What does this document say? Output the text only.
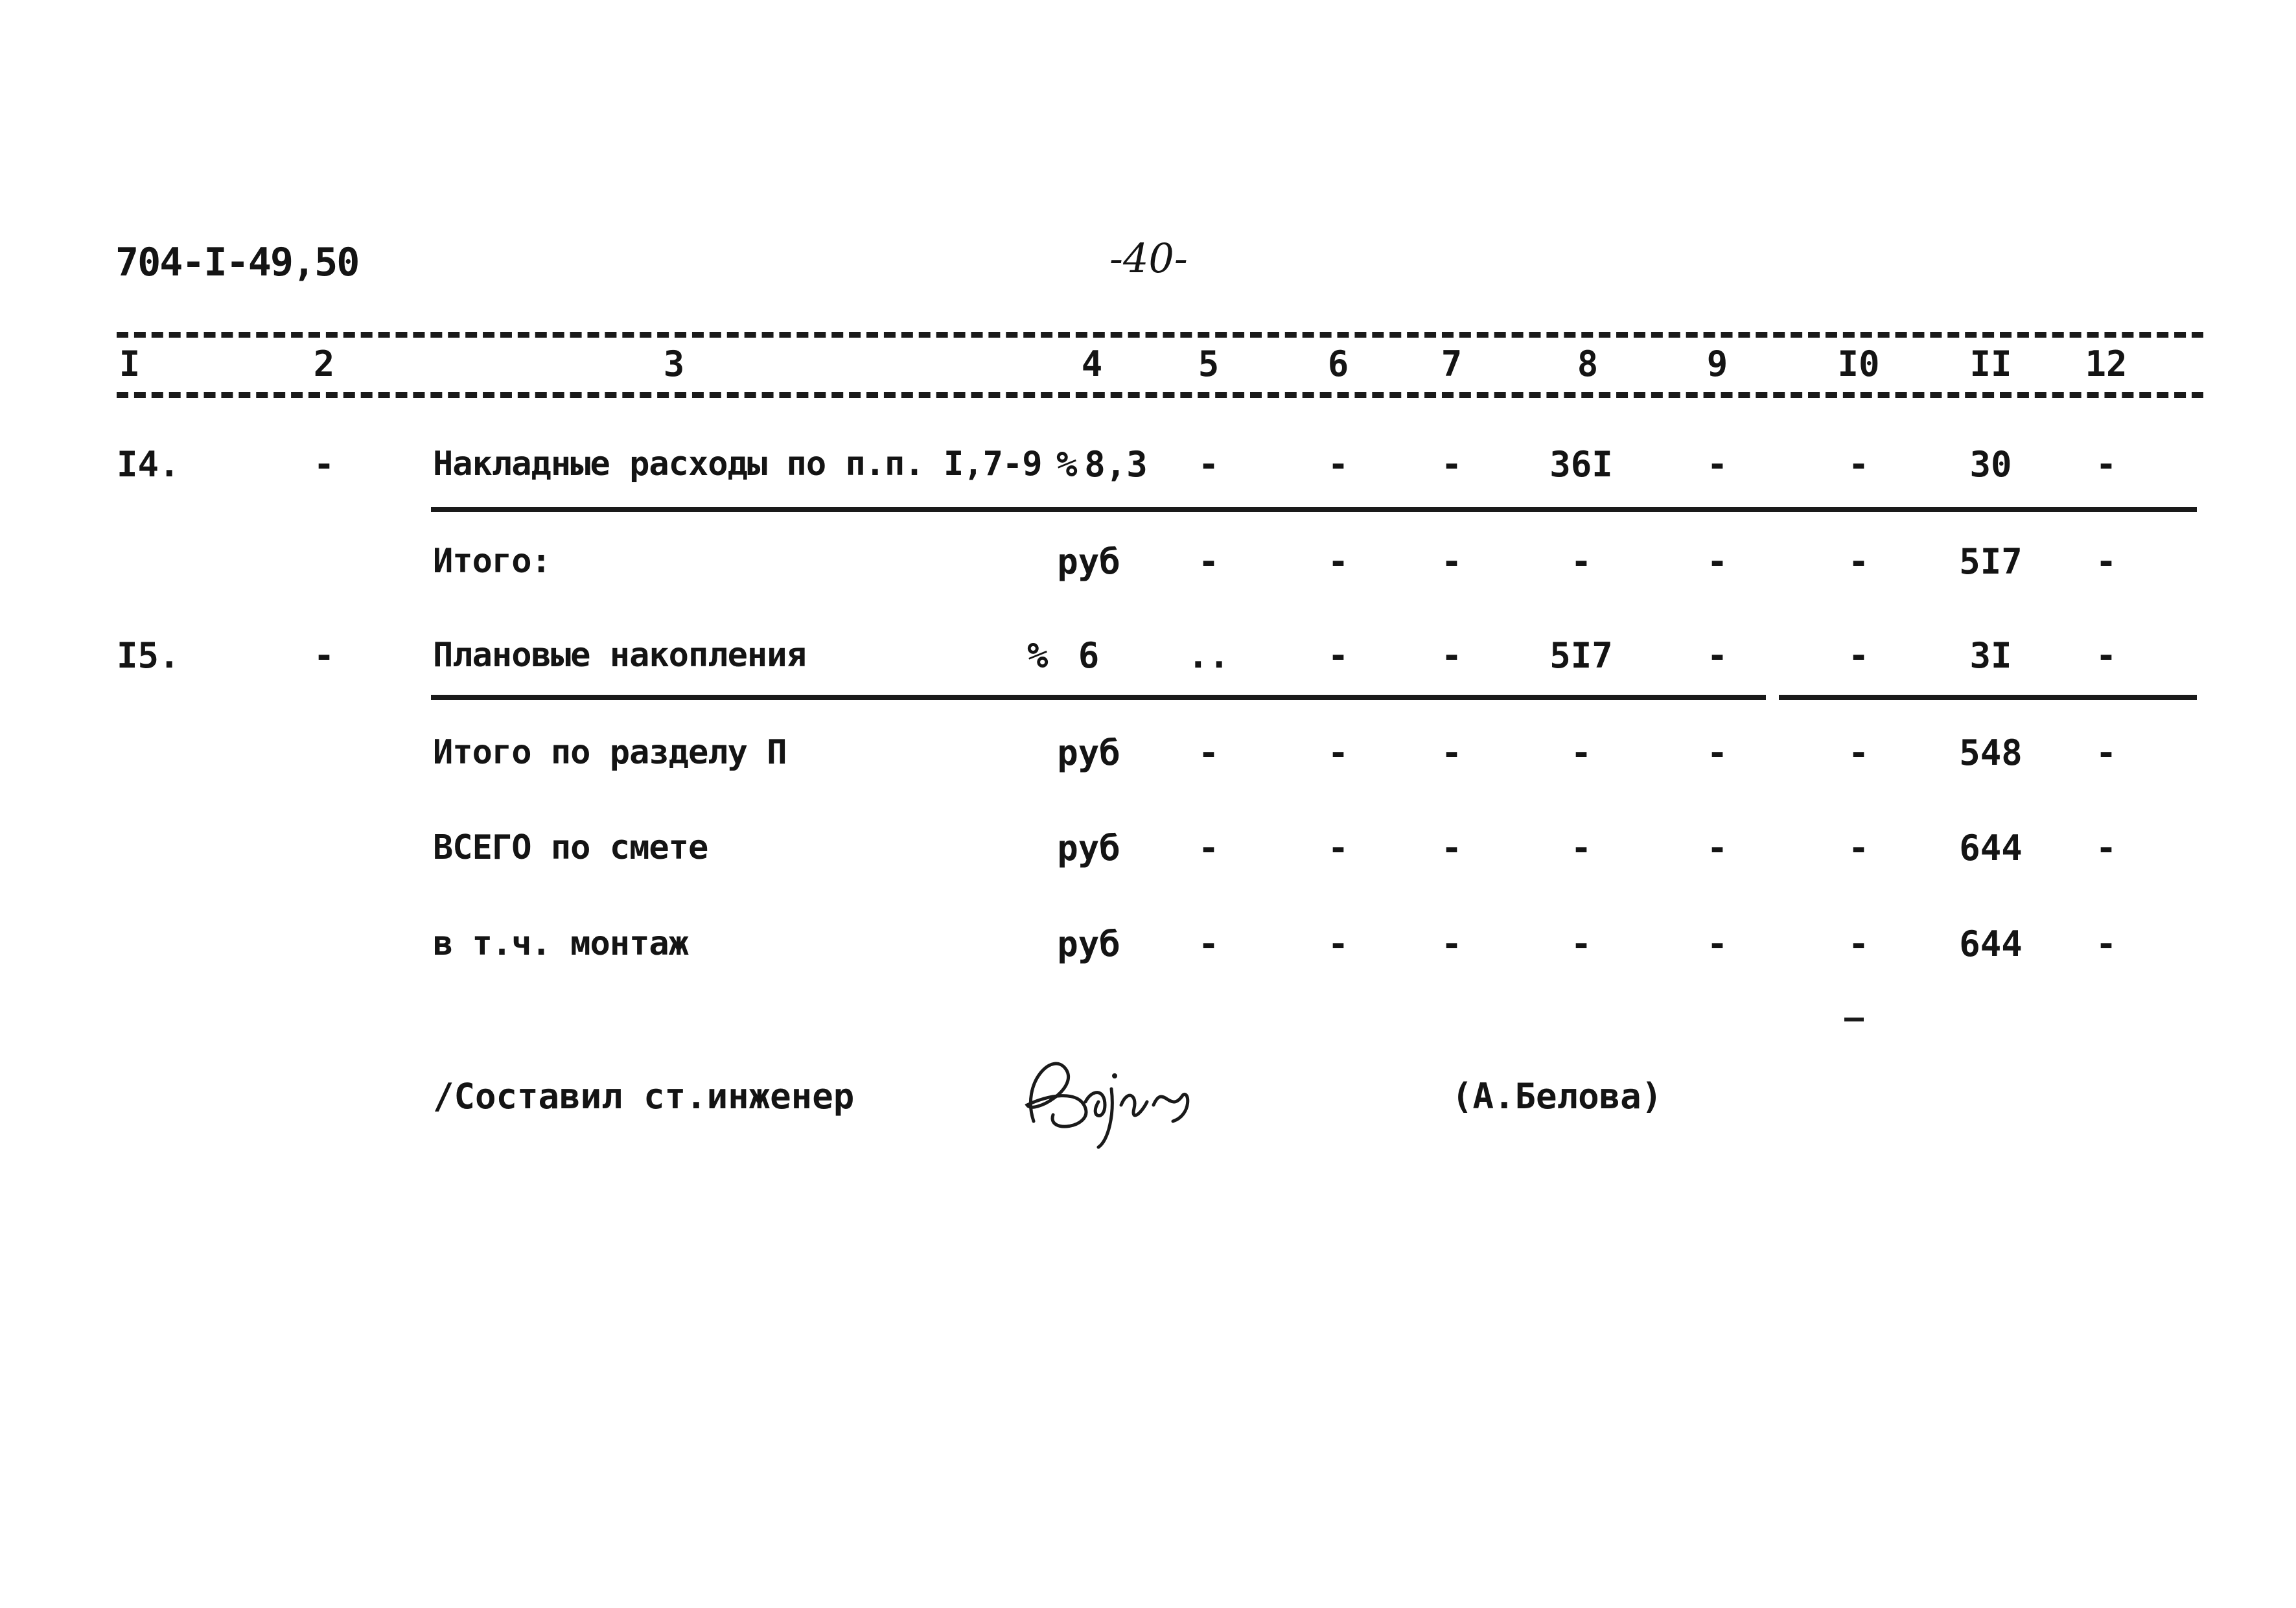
704-I-49,50	-40-
I	2	3	4	5	6	7	8	9	I0	II 12
I4.	-	Накладные расходы по п.п. I,7-9 % 8,3 -	-	- 36I	-	-	30 -
Итого:	руб -	-	-	-	-	-	5I7 -
I5.	-	Плановые накопления	% 6	..	-	- 5I7	-	-	3I -
Итого по разделу П	руб -	-	-	-	-	-	548 -
ВСЕГО по смете	руб -	-	-	-	-	-	644 -
в т.ч. монтаж	руб -	-	-	-	-	-	644 -
/Составил ст.инженер	(А.Белова)
